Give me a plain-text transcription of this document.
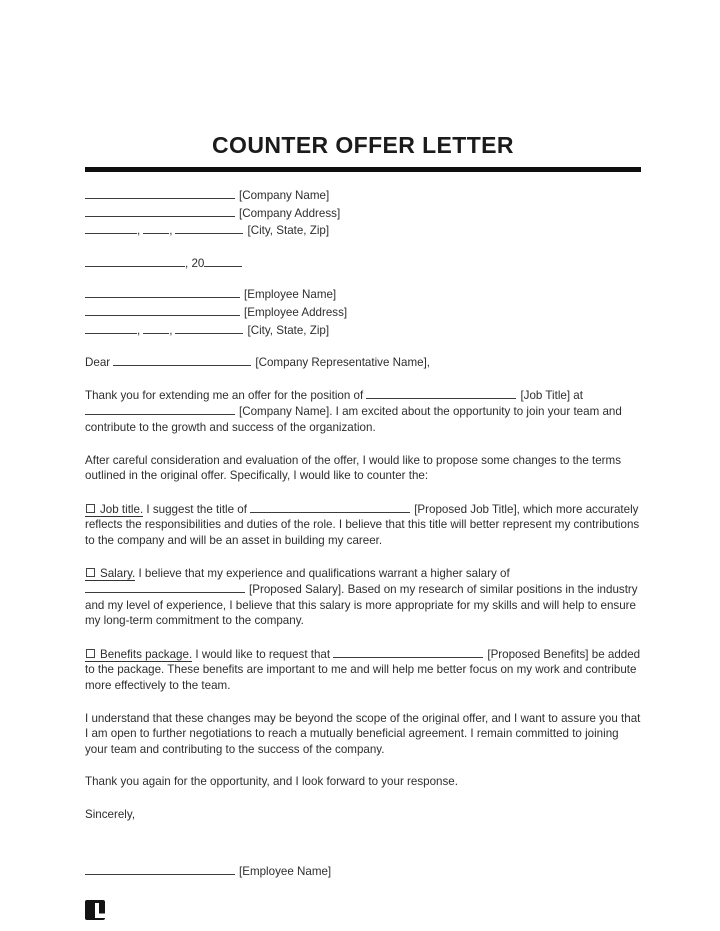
COUNTER OFFER LETTER
[Company Name]
[Company Address]
,	,	[City, State, Zip]
, 20
[Employee Name]
[Employee Address]
,	,	[City, State, Zip]
Dear	[Company Representative Name],

Thank you for extending me an offer for the position of	[Job Title] at [Company Name]. I am excited about the opportunity to join your team and contribute to the growth and success of the organization.

After careful consideration and evaluation of the offer, I would like to propose some changes to the terms outlined in the original offer. Specifically, I would like to counter the:

Job title. I suggest the title of	[Proposed Job Title], which more accurately reflects the responsibilities and duties of the role. I believe that this title will better represent my contributions to the company and will be an asset in building my career.

Salary. I believe that my experience and qualifications warrant a higher salary of [Proposed Salary]. Based on my research of similar positions in the industry and my level of experience, I believe that this salary is more appropriate for my skills and will help to ensure my long-term commitment to the company.

Benefits package. I would like to request that	[Proposed Benefits] be added to the package. These benefits are important to me and will help me better focus on my work and contribute more effectively to the team.

I understand that these changes may be beyond the scope of the original offer, and I want to assure you that I am open to further negotiations to reach a mutually beneficial agreement. I remain committed to joining your team and contributing to the success of the company.

Thank you again for the opportunity, and I look forward to your response.

Sincerely,

[Employee Name]
